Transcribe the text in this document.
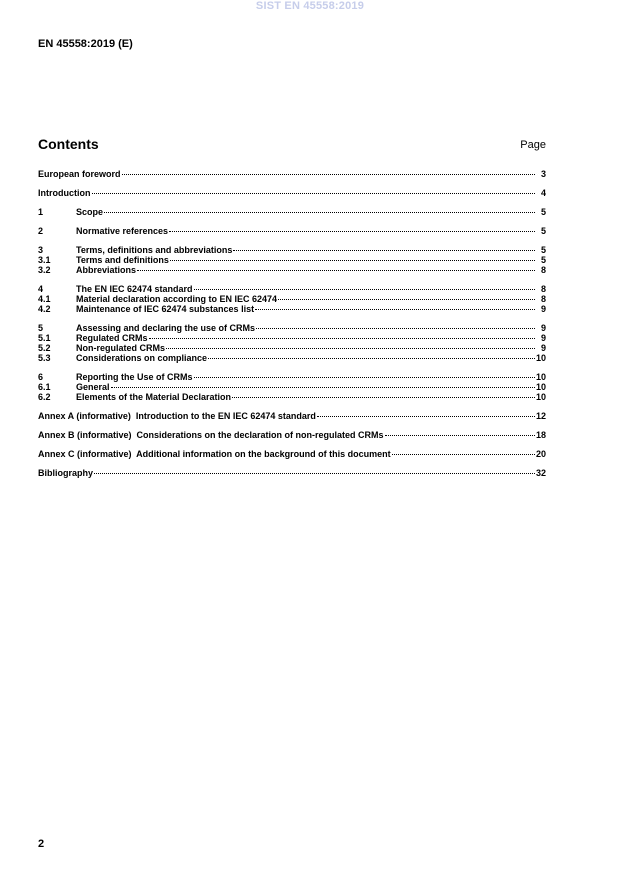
SIST EN 45558:2019
EN 45558:2019 (E)
Contents	Page
European foreword	3
Introduction	4
1	Scope	5
2	Normative references	5
3	Terms, definitions and abbreviations	5
3.1	Terms and definitions	5
3.2	Abbreviations	8
4	The EN IEC 62474 standard	8
4.1	Material declaration according to EN IEC 62474	8
4.2	Maintenance of IEC 62474 substances list	9
5	Assessing and declaring the use of CRMs	9
5.1	Regulated CRMs	9
5.2	Non-regulated CRMs	9
5.3	Considerations on compliance	10
6	Reporting the Use of CRMs	10
6.1	General	10
6.2	Elements of the Material Declaration	10
Annex A (informative)  Introduction to the EN IEC 62474 standard	12
Annex B (informative)  Considerations on the declaration of non-regulated CRMs	18
Annex C (informative)  Additional information on the background of this document	20
Bibliography	32
2
